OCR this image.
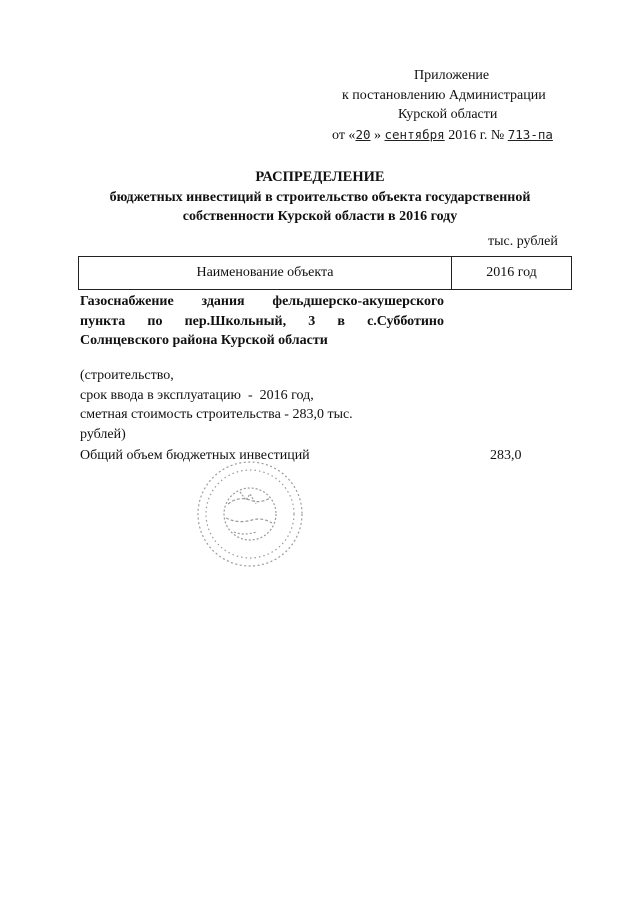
Приложение
к постановлению Администрации
Курской области
от «20 » сентября 2016 г. № 713-па
РАСПРЕДЕЛЕНИЕ
бюджетных инвестиций в строительство объекта государственной
собственности Курской области в 2016 году
тыс. рублей
Наименование объекта	2016 год
Газоснабжение здания фельдшерско-акушерского
пункта по пер.Школьный, 3 в с.Субботино
Солнцевского района Курской области
(строительство,
срок ввода в эксплуатацию  -  2016 год,
сметная стоимость строительства - 283,0 тыс.
рублей)
Общий объем бюджетных инвестиций	283,0
